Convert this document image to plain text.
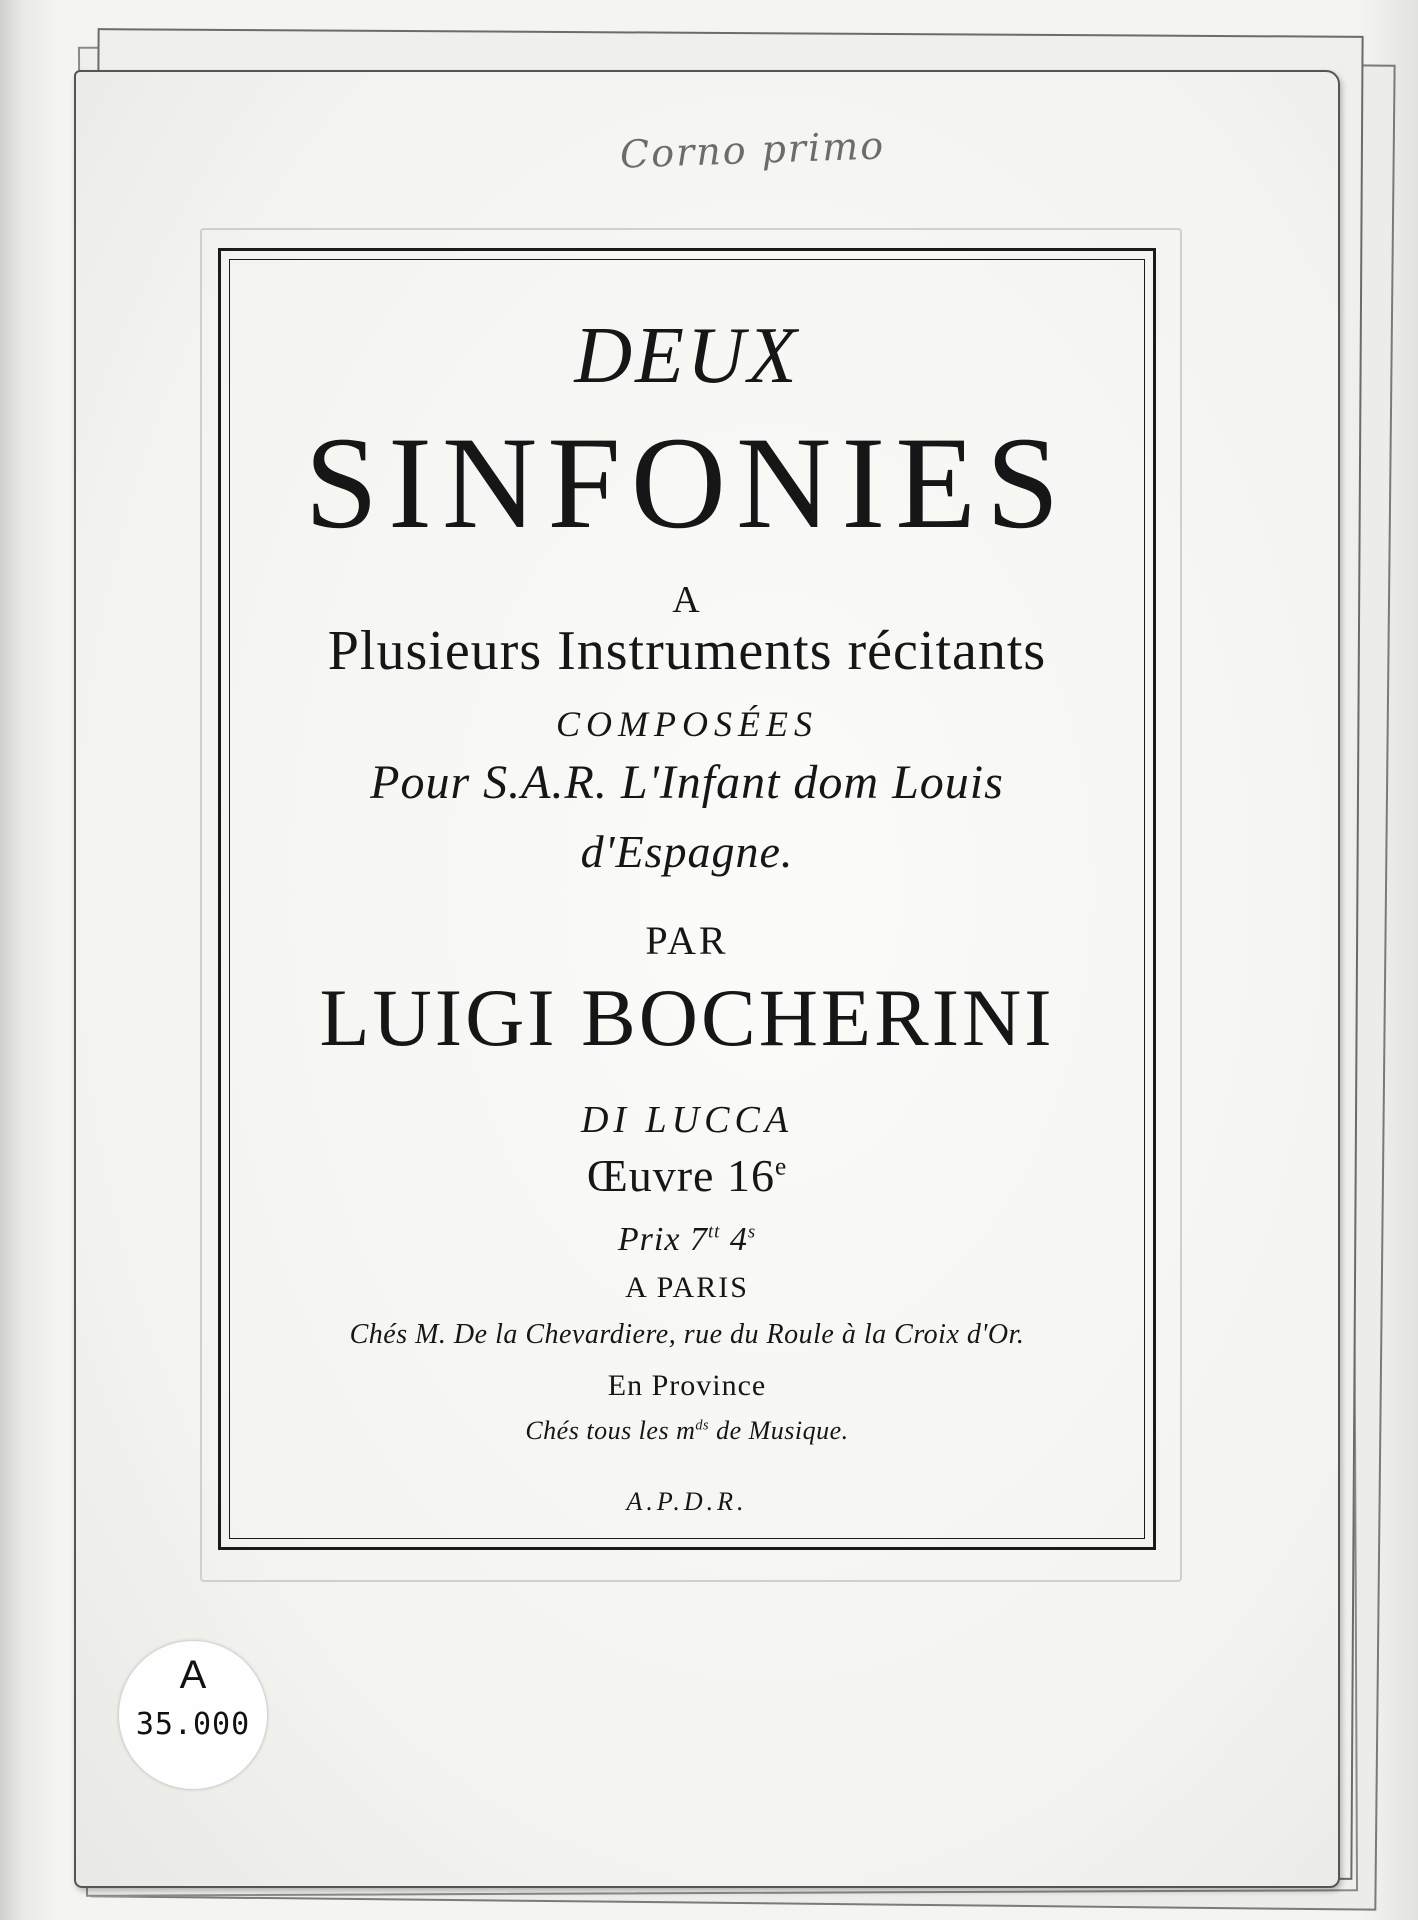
Corno primo
DEUX
SINFONIES
A
Plusieurs Instruments récitants
COMPOSÉES
Pour S.A.R. L'Infant dom Louis
d'Espagne.
PAR
LUIGI BOCHERINI
DI LUCCA
Œuvre 16e
Prix $7^{tt}$ 4$^s$
A PARIS
Chés M. De la Chevardiere, rue du Roule à la Croix d'Or.
En Province
Chés tous les $m^{ds}$ de Musique.
A.P.D.R.
A
35.000
